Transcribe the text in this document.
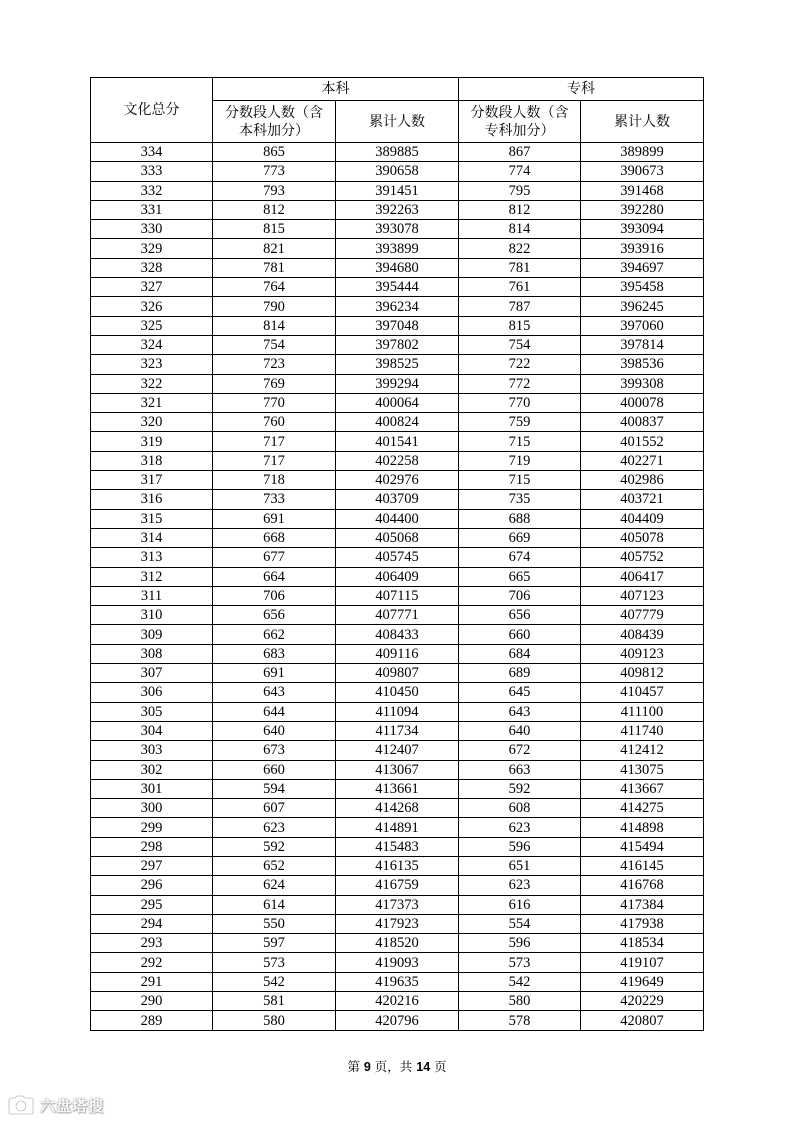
文化总分	本科		专科	
	分数段人数（含本科加分）	累计人数	分数段人数（含专科加分）	累计人数
334	865	389885	867	389899
333	773	390658	774	390673
332	793	391451	795	391468
331	812	392263	812	392280
330	815	393078	814	393094
329	821	393899	822	393916
328	781	394680	781	394697
327	764	395444	761	395458
326	790	396234	787	396245
325	814	397048	815	397060
324	754	397802	754	397814
323	723	398525	722	398536
322	769	399294	772	399308
321	770	400064	770	400078
320	760	400824	759	400837
319	717	401541	715	401552
318	717	402258	719	402271
317	718	402976	715	402986
316	733	403709	735	403721
315	691	404400	688	404409
314	668	405068	669	405078
313	677	405745	674	405752
312	664	406409	665	406417
311	706	407115	706	407123
310	656	407771	656	407779
309	662	408433	660	408439
308	683	409116	684	409123
307	691	409807	689	409812
306	643	410450	645	410457
305	644	411094	643	411100
304	640	411734	640	411740
303	673	412407	672	412412
302	660	413067	663	413075
301	594	413661	592	413667
300	607	414268	608	414275
299	623	414891	623	414898
298	592	415483	596	415494
297	652	416135	651	416145
296	624	416759	623	416768
295	614	417373	616	417384
294	550	417923	554	417938
293	597	418520	596	418534
292	573	419093	573	419107
291	542	419635	542	419649
290	581	420216	580	420229
289	580	420796	578	420807
第 9 页，共 14 页
六盘塔搜
